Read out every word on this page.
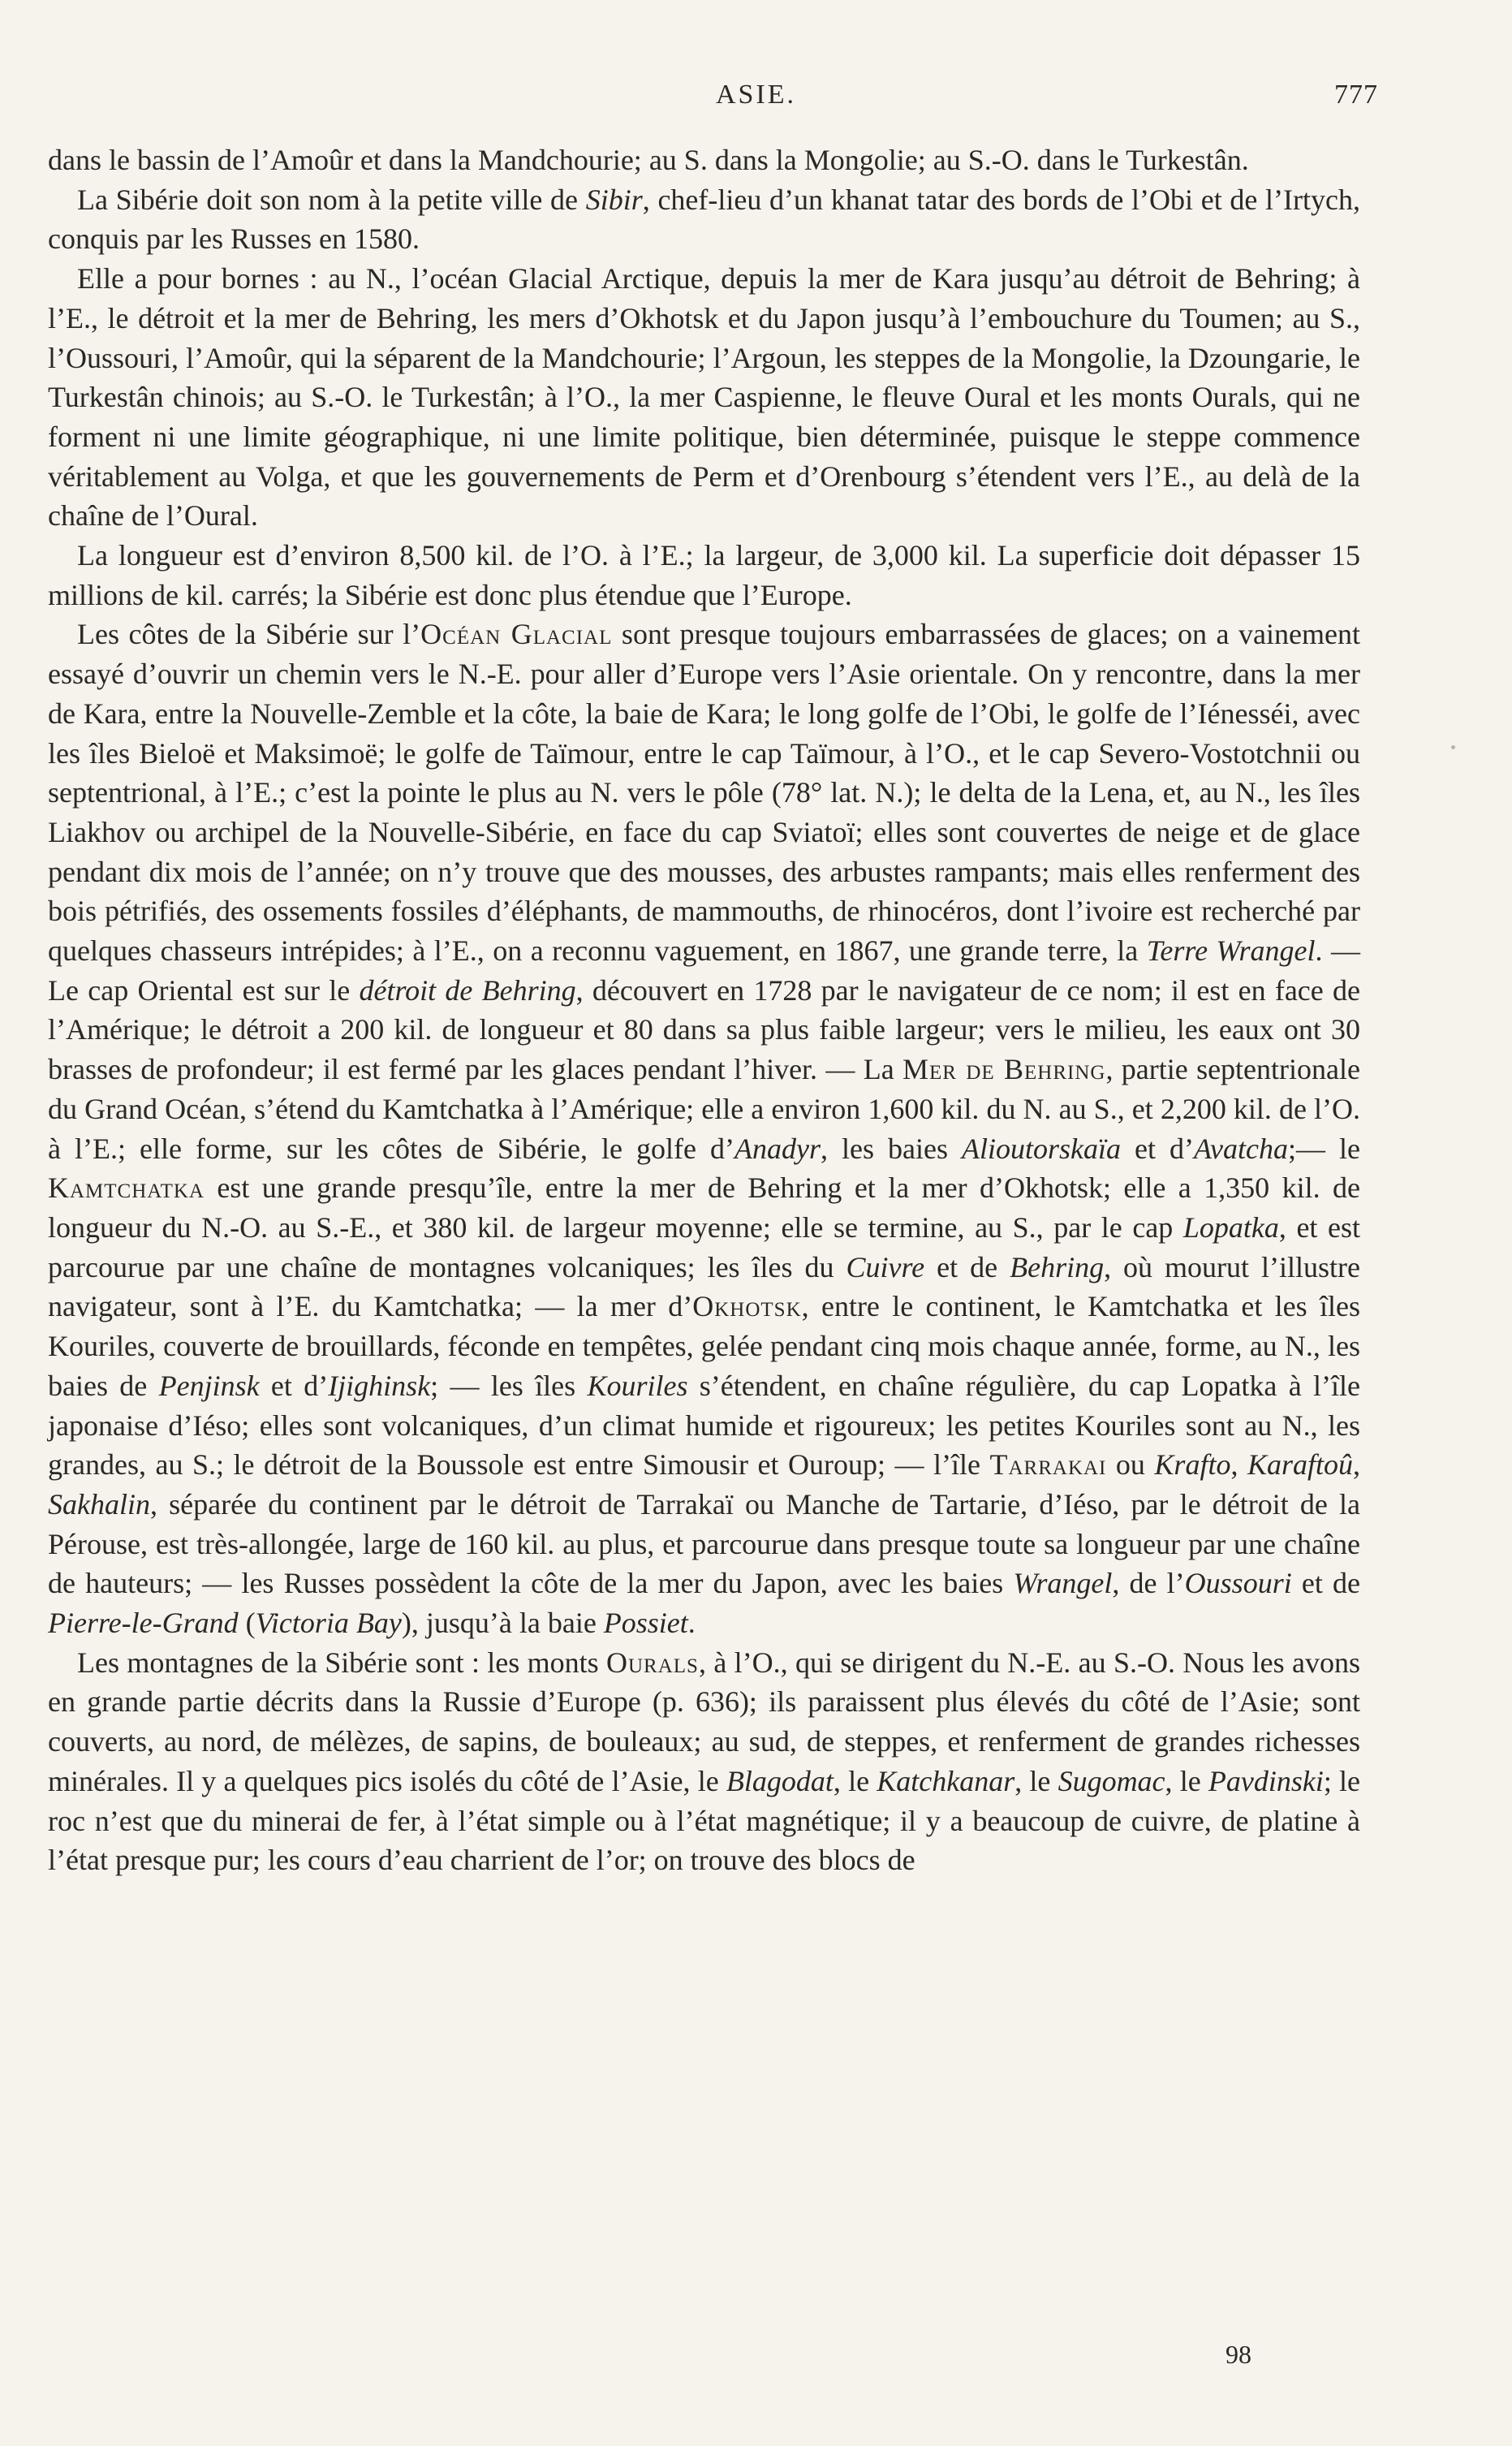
ASIE.	777

dans le bassin de l’Amoûr et dans la Mandchourie; au S. dans la Mongolie; au S.-O. dans le Turkestân.

La Sibérie doit son nom à la petite ville de Sibir, chef-lieu d’un khanat tatar des bords de l’Obi et de l’Irtych, conquis par les Russes en 1580.

Elle a pour bornes : au N., l’océan Glacial Arctique, depuis la mer de Kara jusqu’au détroit de Behring; à l’E., le détroit et la mer de Behring, les mers d’Okhotsk et du Japon jusqu’à l’embouchure du Toumen; au S., l’Oussouri, l’Amoûr, qui la séparent de la Mandchourie; l’Argoun, les steppes de la Mongolie, la Dzoungarie, le Turkestân chinois; au S.-O. le Turkestân; à l’O., la mer Caspienne, le fleuve Oural et les monts Ourals, qui ne forment ni une limite géographique, ni une limite politique, bien déterminée, puisque le steppe commence véritablement au Volga, et que les gouvernements de Perm et d’Orenbourg s’étendent vers l’E., au delà de la chaîne de l’Oural.

La longueur est d’environ 8,500 kil. de l’O. à l’E.; la largeur, de 3,000 kil. La superficie doit dépasser 15 millions de kil. carrés; la Sibérie est donc plus étendue que l’Europe.

Les côtes de la Sibérie sur l’Océan Glacial sont presque toujours embarrassées de glaces; on a vainement essayé d’ouvrir un chemin vers le N.-E. pour aller d’Europe vers l’Asie orientale. On y rencontre, dans la mer de Kara, entre la Nouvelle-Zemble et la côte, la baie de Kara; le long golfe de l’Obi, le golfe de l’Iénesséi, avec les îles Bieloë et Maksimoë; le golfe de Taïmour, entre le cap Taïmour, à l’O., et le cap Severo-Vostotchnii ou septentrional, à l’E.; c’est la pointe le plus au N. vers le pôle (78° lat. N.); le delta de la Lena, et, au N., les îles Liakhov ou archipel de la Nouvelle-Sibérie, en face du cap Sviatoï; elles sont couvertes de neige et de glace pendant dix mois de l’année; on n’y trouve que des mousses, des arbustes rampants; mais elles renferment des bois pétrifiés, des ossements fossiles d’éléphants, de mammouths, de rhinocéros, dont l’ivoire est recherché par quelques chasseurs intrépides; à l’E., on a reconnu vaguement, en 1867, une grande terre, la Terre Wrangel. — Le cap Oriental est sur le détroit de Behring, découvert en 1728 par le navigateur de ce nom; il est en face de l’Amérique; le détroit a 200 kil. de longueur et 80 dans sa plus faible largeur; vers le milieu, les eaux ont 30 brasses de profondeur; il est fermé par les glaces pendant l’hiver. — La Mer de Behring, partie septentrionale du Grand Océan, s’étend du Kamtchatka à l’Amérique; elle a environ 1,600 kil. du N. au S., et 2,200 kil. de l’O. à l’E.; elle forme, sur les côtes de Sibérie, le golfe d’Anadyr, les baies Alioutorskaïa et d’Avatcha;— le Kamtchatka est une grande presqu’île, entre la mer de Behring et la mer d’Okhotsk; elle a 1,350 kil. de longueur du N.-O. au S.-E., et 380 kil. de largeur moyenne; elle se termine, au S., par le cap Lopatka, et est parcourue par une chaîne de montagnes volcaniques; les îles du Cuivre et de Behring, où mourut l’illustre navigateur, sont à l’E. du Kamtchatka; — la mer d’Okhotsk, entre le continent, le Kamtchatka et les îles Kouriles, couverte de brouillards, féconde en tempêtes, gelée pendant cinq mois chaque année, forme, au N., les baies de Penjinsk et d’Ijighinsk; — les îles Kouriles s’étendent, en chaîne régulière, du cap Lopatka à l’île japonaise d’Iéso; elles sont volcaniques, d’un climat humide et rigoureux; les petites Kouriles sont au N., les grandes, au S.; le détroit de la Boussole est entre Simousir et Ouroup; — l’île Tarrakai ou Krafto, Karaftoû, Sakhalin, séparée du continent par le détroit de Tarrakaï ou Manche de Tartarie, d’Iéso, par le détroit de la Pérouse, est très-allongée, large de 160 kil. au plus, et parcourue dans presque toute sa longueur par une chaîne de hauteurs; — les Russes possèdent la côte de la mer du Japon, avec les baies Wrangel, de l’Oussouri et de Pierre-le-Grand (Victoria Bay), jusqu’à la baie Possiet.

Les montagnes de la Sibérie sont : les monts Ourals, à l’O., qui se dirigent du N.-E. au S.-O. Nous les avons en grande partie décrits dans la Russie d’Europe (p. 636); ils paraissent plus élevés du côté de l’Asie; sont couverts, au nord, de mélèzes, de sapins, de bouleaux; au sud, de steppes, et renferment de grandes richesses minérales. Il y a quelques pics isolés du côté de l’Asie, le Blagodat, le Katchkanar, le Sugomac, le Pavdinski; le roc n’est que du minerai de fer, à l’état simple ou à l’état magnétique; il y a beaucoup de cuivre, de platine à l’état presque pur; les cours d’eau charrient de l’or; on trouve des blocs de

98
